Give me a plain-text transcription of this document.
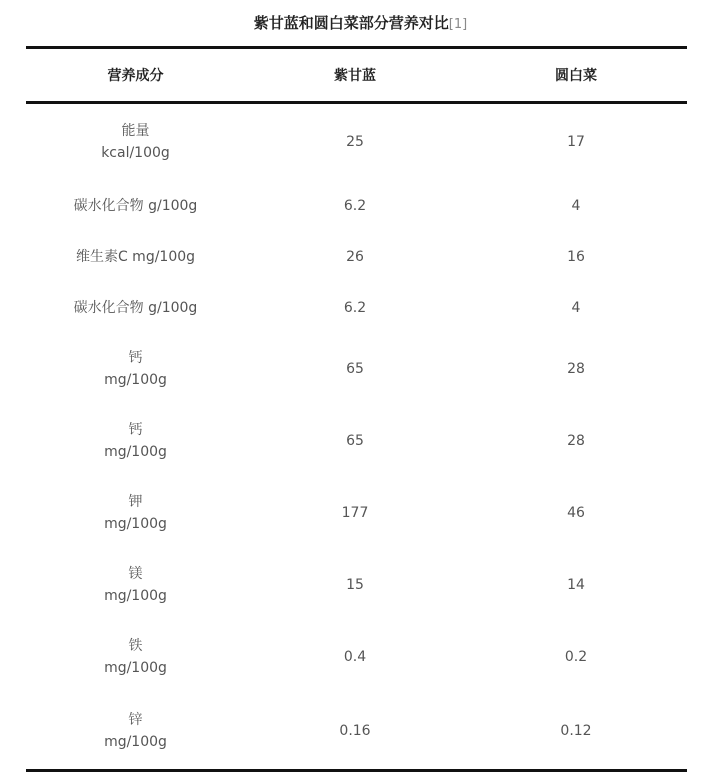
紫甘蓝和圆白菜部分营养对比[1]
营养成分	紫甘蓝	圆白菜

能量
kcal/100g	25	17

碳水化合物 g/100g	6.2	4

维生素C mg/100g	26	16

碳水化合物 g/100g	6.2	4

钙
mg/100g	65	28

钙
mg/100g	65	28

钾
mg/100g	177	46

镁
mg/100g	15	14

铁
mg/100g	0.4	0.2

锌
mg/100g	0.16	0.12
